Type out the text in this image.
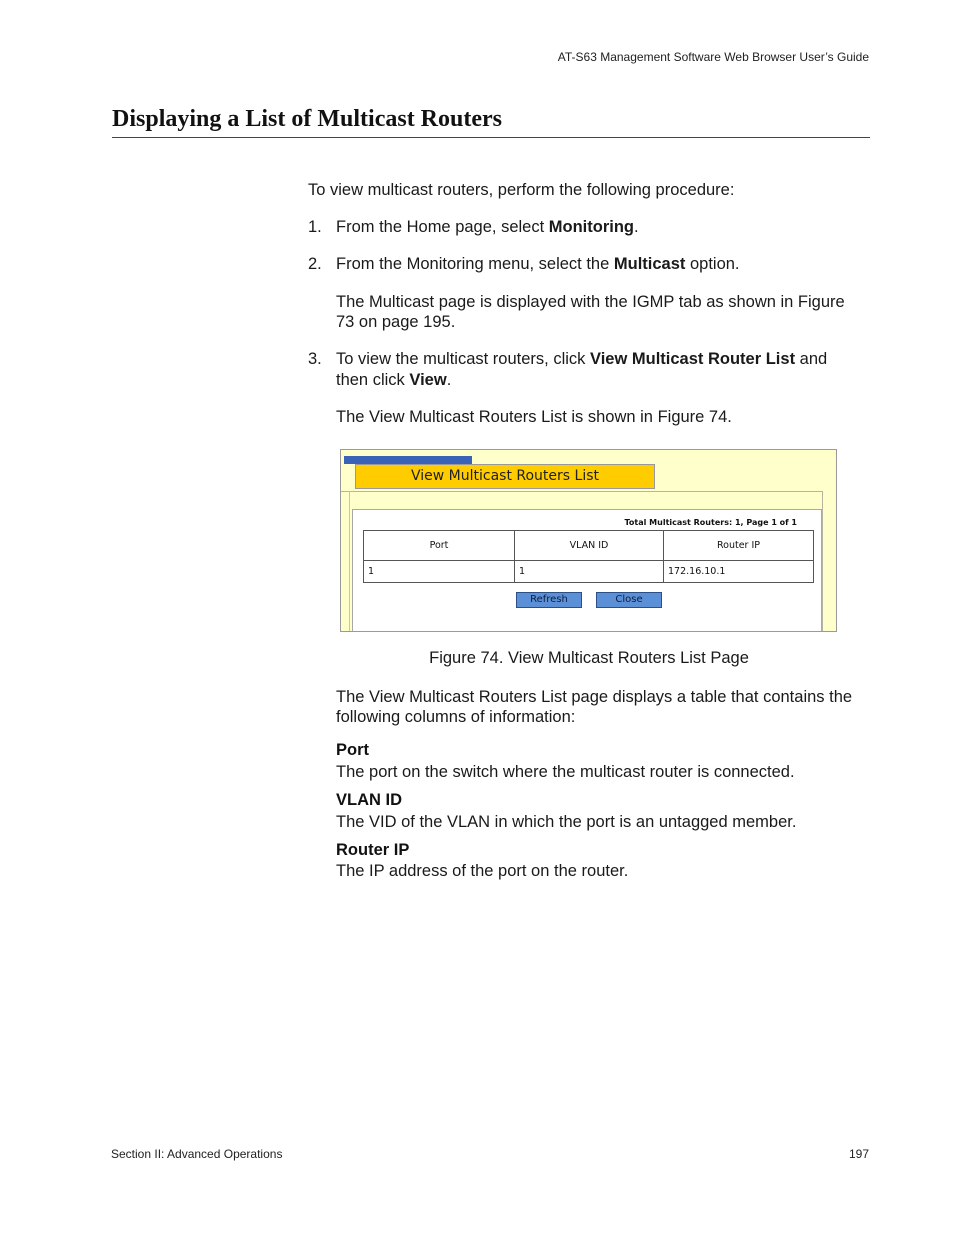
AT-S63 Management Software Web Browser User’s Guide
Displaying a List of Multicast Routers
To view multicast routers, perform the following procedure:
1. From the Home page, select Monitoring.
2. From the Monitoring menu, select the Multicast option.
The Multicast page is displayed with the IGMP tab as shown in Figure
73 on page 195.
3. To view the multicast routers, click View Multicast Router List and
then click View.
The View Multicast Routers List is shown in Figure 74.
View Multicast Routers List
Total Multicast Routers: 1, Page 1 of 1
Port	VLAN ID	Router IP
1	1	172.16.10.1
Refresh	Close
Figure 74. View Multicast Routers List Page
The View Multicast Routers List page displays a table that contains the
following columns of information:
Port
The port on the switch where the multicast router is connected.
VLAN ID
The VID of the VLAN in which the port is an untagged member.
Router IP
The IP address of the port on the router.
Section II: Advanced Operations	197
